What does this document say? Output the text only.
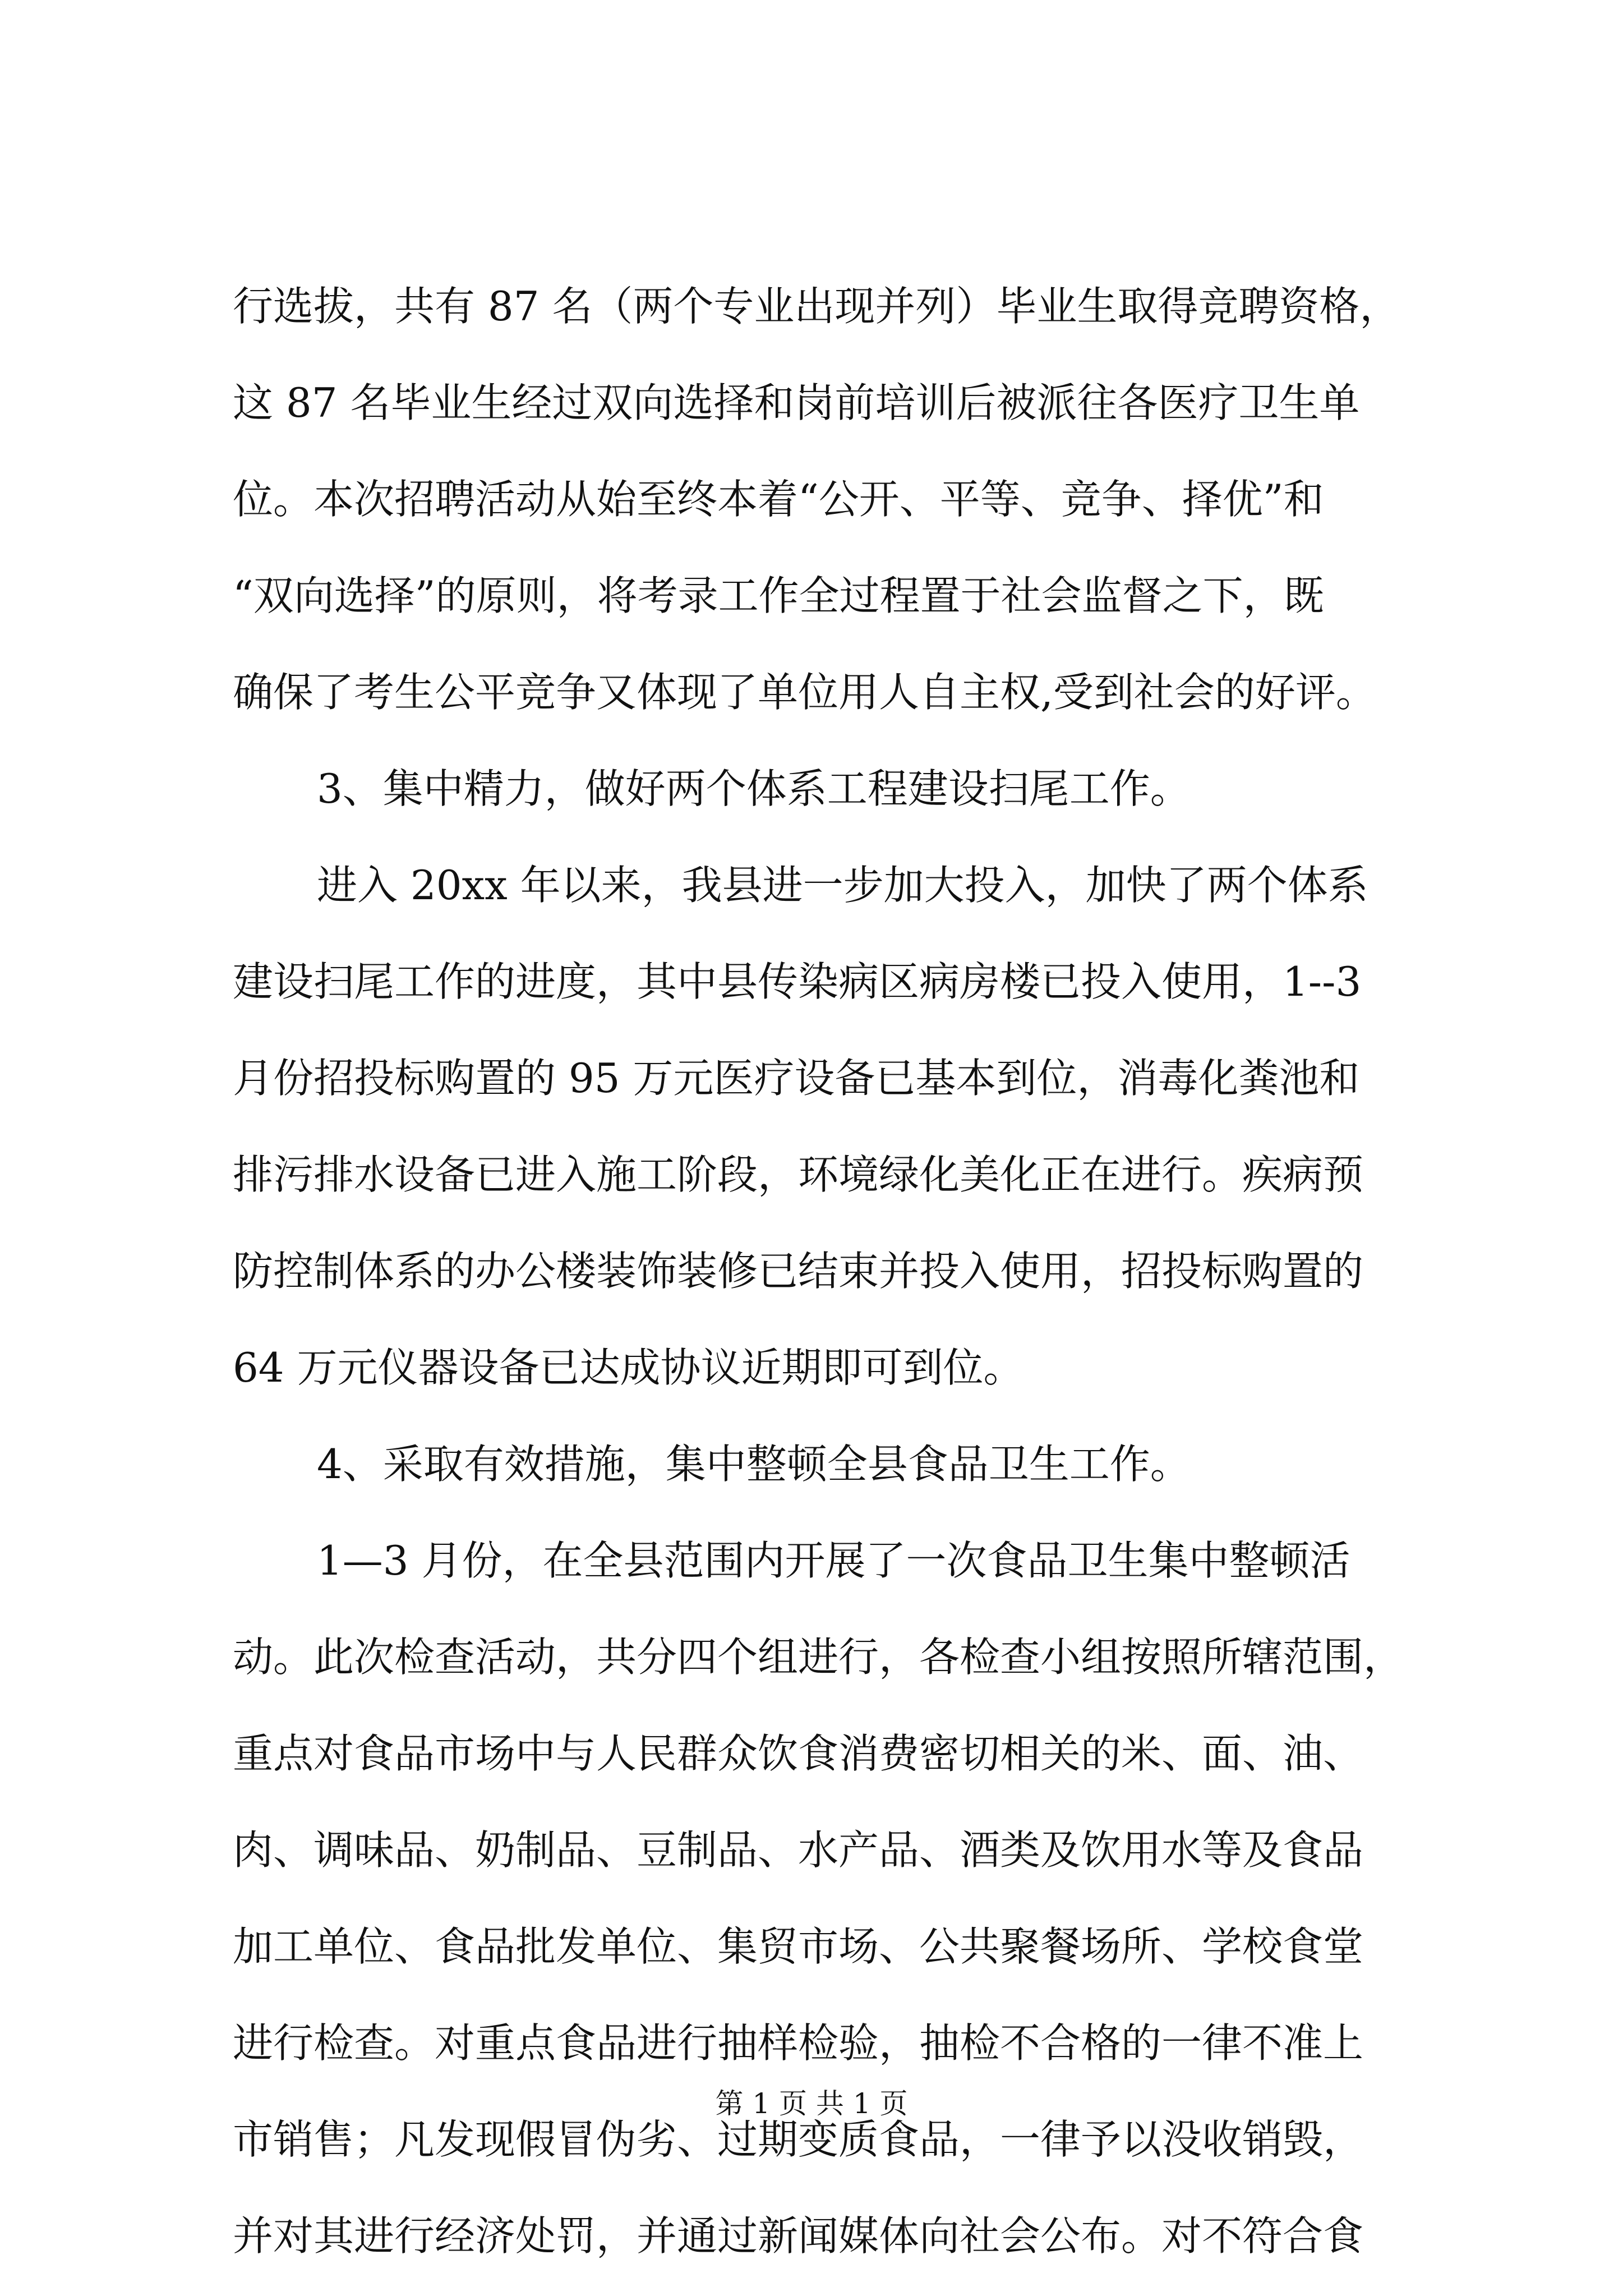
行选拔，共有 87 名（两个专业出现并列）毕业生取得竞聘资格，
这 87 名毕业生经过双向选择和岗前培训后被派往各医疗卫生单
位。本次招聘活动从始至终本着“公开、平等、竞争、择优”和
“双向选择”的原则，将考录工作全过程置于社会监督之下，既
确保了考生公平竞争又体现了单位用人自主权,受到社会的好评。
3、集中精力，做好两个体系工程建设扫尾工作。
进入 20xx 年以来，我县进一步加大投入，加快了两个体系
建设扫尾工作的进度，其中县传染病区病房楼已投入使用，1--3
月份招投标购置的 95 万元医疗设备已基本到位，消毒化粪池和
排污排水设备已进入施工阶段，环境绿化美化正在进行。疾病预
防控制体系的办公楼装饰装修已结束并投入使用，招投标购置的
64 万元仪器设备已达成协议近期即可到位。
4、采取有效措施，集中整顿全县食品卫生工作。
1—3 月份，在全县范围内开展了一次食品卫生集中整顿活
动。此次检查活动，共分四个组进行，各检查小组按照所辖范围，
重点对食品市场中与人民群众饮食消费密切相关的米、面、油、
肉、调味品、奶制品、豆制品、水产品、酒类及饮用水等及食品
加工单位、食品批发单位、集贸市场、公共聚餐场所、学校食堂
进行检查。对重点食品进行抽样检验，抽检不合格的一律不准上
市销售；凡发现假冒伪劣、过期变质食品，一律予以没收销毁，
并对其进行经济处罚，并通过新闻媒体向社会公布。对不符合食
第 1 页 共 1 页
